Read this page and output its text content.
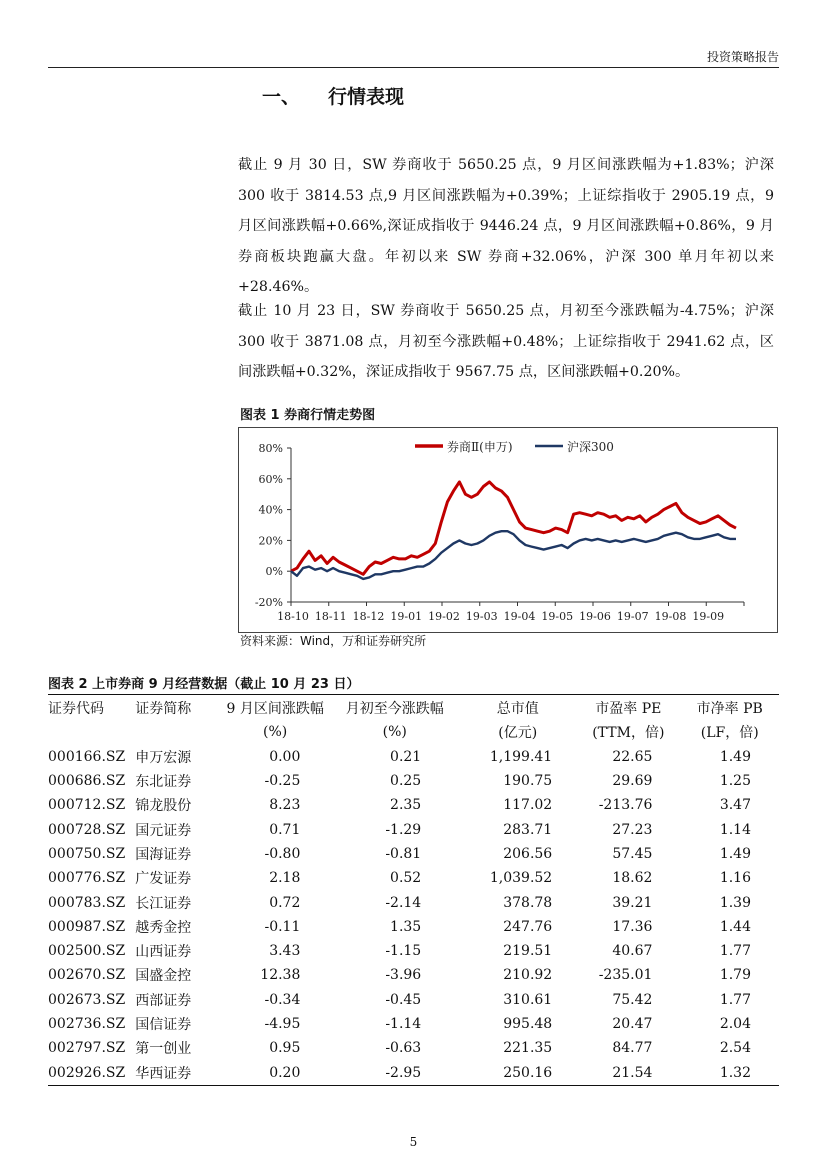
投资策略报告
一、 行情表现

截止 9 月 30 日，SW 券商收于 5650.25 点，9 月区间涨跌幅为+1.83%；沪深 300 收于 3814.53 点,9 月区间涨跌幅为+0.39%；上证综指收于 2905.19 点，9 月区间涨跌幅+0.66%,深证成指收于 9446.24 点，9 月区间涨跌幅+0.86%，9 月券商板块跑赢大盘。年初以来 SW 券商+32.06%，沪深 300 单月年初以来+28.46%。

截止 10 月 23 日，SW 券商收于 5650.25 点，月初至今涨跌幅为-4.75%；沪深 300 收于 3871.08 点，月初至今涨跌幅+0.48%；上证综指收于 2941.62 点，区间涨跌幅+0.32%，深证成指收于 9567.75 点，区间涨跌幅+0.20%。

图表 1 券商行情走势图
-20%
0%
20%
40%
60%
80%
18-10 18-11 18-12 19-01 19-02 19-03 19-04 19-05 19-06 19-07 19-08 19-09
券商Ⅱ(申万)	沪深300
资料来源：Wind，万和证券研究所
图表 2 上市券商 9 月经营数据（截止 10 月 23 日）
证券代码	证券简称	9 月区间涨跌幅	月初至今涨跌幅	总市值	市盈率 PE	市净率 PB
		(%)	(%)	(亿元)	(TTM，倍)	(LF，倍)
000166.SZ	申万宏源	0.00	0.21	1,199.41	22.65	1.49
000686.SZ	东北证券	-0.25	0.25	190.75	29.69	1.25
000712.SZ	锦龙股份	8.23	2.35	117.02	-213.76	3.47
000728.SZ	国元证券	0.71	-1.29	283.71	27.23	1.14
000750.SZ	国海证券	-0.80	-0.81	206.56	57.45	1.49
000776.SZ	广发证券	2.18	0.52	1,039.52	18.62	1.16
000783.SZ	长江证券	0.72	-2.14	378.78	39.21	1.39
000987.SZ	越秀金控	-0.11	1.35	247.76	17.36	1.44
002500.SZ	山西证券	3.43	-1.15	219.51	40.67	1.77
002670.SZ	国盛金控	12.38	-3.96	210.92	-235.01	1.79
002673.SZ	西部证券	-0.34	-0.45	310.61	75.42	1.77
002736.SZ	国信证券	-4.95	-1.14	995.48	20.47	2.04
002797.SZ	第一创业	0.95	-0.63	221.35	84.77	2.54
002926.SZ	华西证券	0.20	-2.95	250.16	21.54	1.32
5
